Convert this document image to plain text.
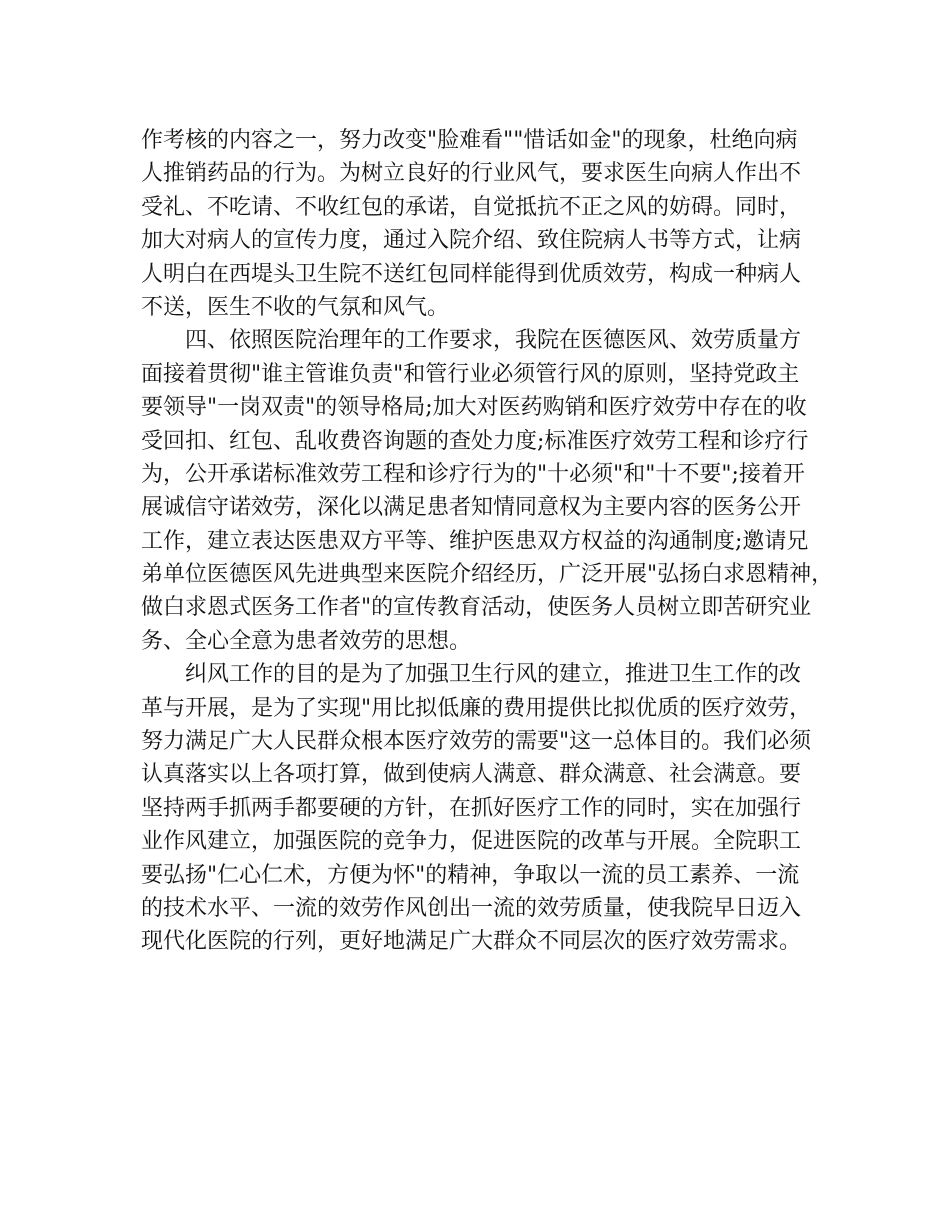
作考核的内容之一，努力改变"脸难看""惜话如金"的现象，杜绝向病
人推销药品的行为。为树立良好的行业风气，要求医生向病人作出不
受礼、不吃请、不收红包的承诺，自觉抵抗不正之风的妨碍。同时，
加大对病人的宣传力度，通过入院介绍、致住院病人书等方式，让病
人明白在西堤头卫生院不送红包同样能得到优质效劳，构成一种病人
不送，医生不收的气氛和风气。
四、依照医院治理年的工作要求，我院在医德医风、效劳质量方
面接着贯彻"谁主管谁负责"和管行业必须管行风的原则，坚持党政主
要领导"一岗双责"的领导格局;加大对医药购销和医疗效劳中存在的收
受回扣、红包、乱收费咨询题的查处力度;标准医疗效劳工程和诊疗行
为，公开承诺标准效劳工程和诊疗行为的"十必须"和"十不要";接着开
展诚信守诺效劳，深化以满足患者知情同意权为主要内容的医务公开
工作，建立表达医患双方平等、维护医患双方权益的沟通制度;邀请兄
弟单位医德医风先进典型来医院介绍经历，广泛开展"弘扬白求恩精神，
做白求恩式医务工作者"的宣传教育活动，使医务人员树立即苦研究业
务、全心全意为患者效劳的思想。
纠风工作的目的是为了加强卫生行风的建立，推进卫生工作的改
革与开展，是为了实现"用比拟低廉的费用提供比拟优质的医疗效劳，
努力满足广大人民群众根本医疗效劳的需要"这一总体目的。我们必须
认真落实以上各项打算，做到使病人满意、群众满意、社会满意。要
坚持两手抓两手都要硬的方针，在抓好医疗工作的同时，实在加强行
业作风建立，加强医院的竞争力，促进医院的改革与开展。全院职工
要弘扬"仁心仁术，方便为怀"的精神，争取以一流的员工素养、一流
的技术水平、一流的效劳作风创出一流的效劳质量，使我院早日迈入
现代化医院的行列，更好地满足广大群众不同层次的医疗效劳需求。
